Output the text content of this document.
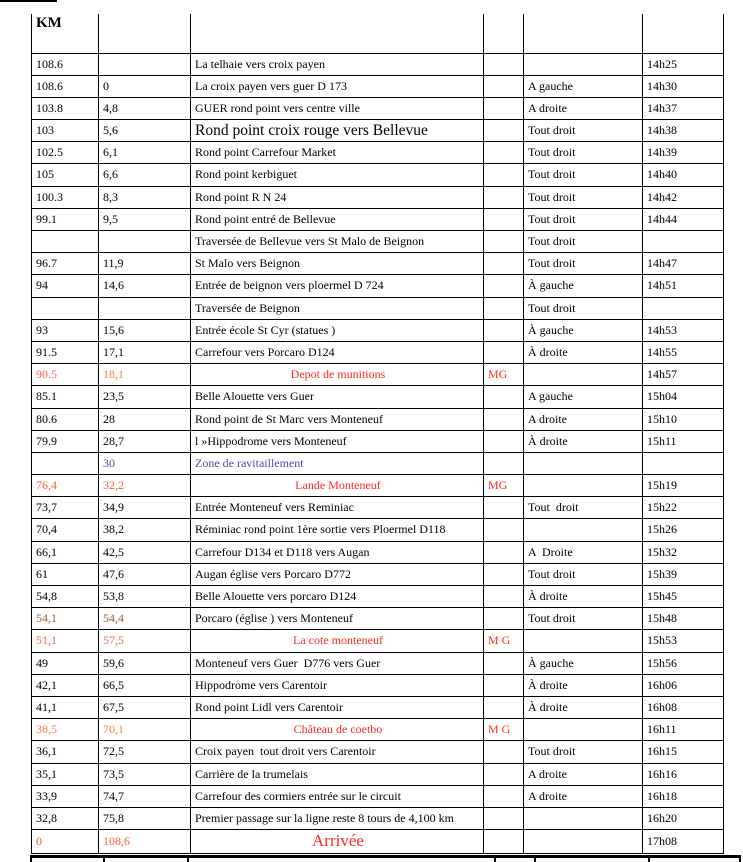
KM					
108.6		La telhaie vers croix payen			14h25
108.6	0	La croix payen vers guer D 173		A gauche	14h30
103.8	4,8	GUER rond point vers centre ville		A droite	14h37
103	5,6	Rond point croix rouge vers Bellevue		Tout droit	14h38
102.5	6,1	Rond point Carrefour Market		Tout droit	14h39
105	6,6	Rond point kerbiguet		Tout droit	14h40
100.3	8,3	Rond point R N 24		Tout droit	14h42
99.1	9,5	Rond point entré de Bellevue		Tout droit	14h44
		Traversée de Bellevue vers St Malo de Beignon		Tout droit	
96.7	11,9	St Malo vers Beignon		Tout droit	14h47
94	14,6	Entrée de beignon vers ploermel D 724		À gauche	14h51
		Traversée de Beignon		Tout droit	
93	15,6	Entrée école St Cyr (statues )		À gauche	14h53
91.5	17,1	Carrefour vers Porcaro D124		À droite	14h55
90.5	18,1	Depot de munitions	MG		14h57
85.1	23,5	Belle Alouette vers Guer		A gauche	15h04
80.6	28	Rond point de St Marc vers Monteneuf		A droite	15h10
79.9	28,7	l »Hippodrome vers Monteneuf		À droite	15h11
	30	Zone de ravitaillement			
76,4	32,2	Lande Monteneuf	MG		15h19
73,7	34,9	Entrée Monteneuf vers Reminiac		Tout  droit	15h22
70,4	38,2	Réminiac rond point 1ère sortie vers Ploermel D118			15h26
66,1	42,5	Carrefour D134 et D118 vers Augan		A  Droite	15h32
61	47,6	Augan église vers Porcaro D772		Tout droit	15h39
54,8	53,8	Belle Alouette vers porcaro D124		À droite	15h45
54,1	54,4	Porcaro (église ) vers Monteneuf		Tout droit	15h48
51,1	57,5	La cote monteneuf	M G		15h53
49	59,6	Monteneuf vers Guer  D776 vers Guer		À gauche	15h56
42,1	66,5	Hippodrome vers Carentoir		À droite	16h06
41,1	67,5	Rond point Lidl vers Carentoir		À droite	16h08
38,5	70,1	Château de coetbo	M G		16h11
36,1	72,5	Croix payen  tout droit vers Carentoir		Tout droit	16h15
35,1	73,5	Carrière de la trumelais		A droite	16h16
33,9	74,7	Carrefour des cormiers entrée sur le circuit		A droite	16h18
32,8	75,8	Premier passage sur la ligne reste 8 tours de 4,100 km			16h20
0	108,6	Arrivée			17h08
